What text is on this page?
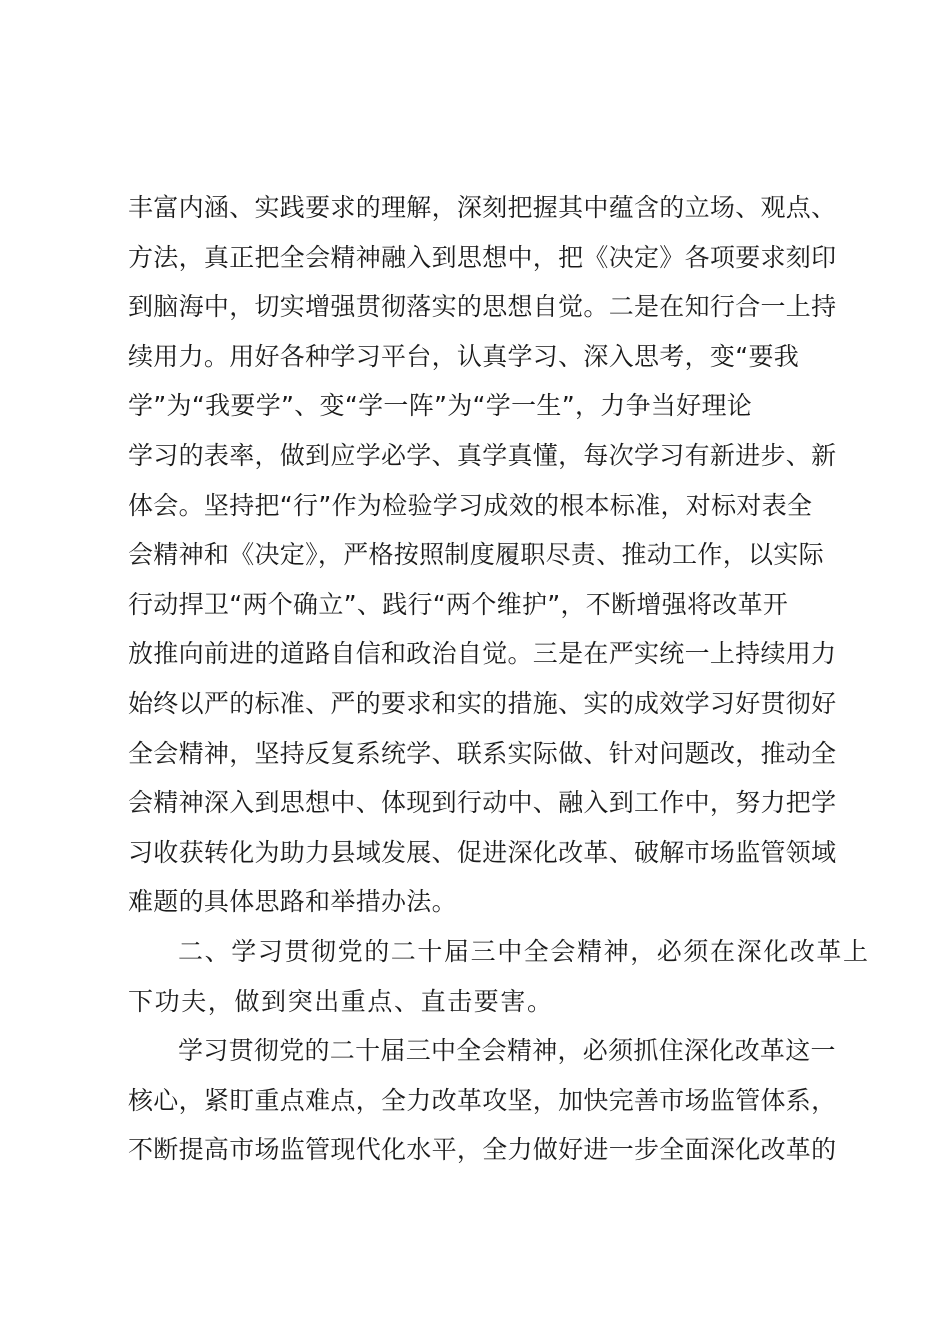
丰富内涵、实践要求的理解，深刻把握其中蕴含的立场、观点、
方法，真正把全会精神融入到思想中，把《决定》各项要求刻印
到脑海中，切实增强贯彻落实的思想自觉。二是在知行合一上持
续用力。用好各种学习平台，认真学习、深入思考，变“要我
学”为“我要学”、变“学一阵”为“学一生”，力争当好理论
学习的表率，做到应学必学、真学真懂，每次学习有新进步、新
体会。坚持把“行”作为检验学习成效的根本标准，对标对表全
会精神和《决定》，严格按照制度履职尽责、推动工作，以实际
行动捍卫“两个确立”、践行“两个维护”，不断增强将改革开
放推向前进的道路自信和政治自觉。三是在严实统一上持续用力
始终以严的标准、严的要求和实的措施、实的成效学习好贯彻好
全会精神，坚持反复系统学、联系实际做、针对问题改，推动全
会精神深入到思想中、体现到行动中、融入到工作中，努力把学
习收获转化为助力县域发展、促进深化改革、破解市场监管领域
难题的具体思路和举措办法。
二、学习贯彻党的二十届三中全会精神，必须在深化改革上
下功夫，做到突出重点、直击要害。
学习贯彻党的二十届三中全会精神，必须抓住深化改革这一
核心，紧盯重点难点，全力改革攻坚，加快完善市场监管体系，
不断提高市场监管现代化水平，全力做好进一步全面深化改革的
